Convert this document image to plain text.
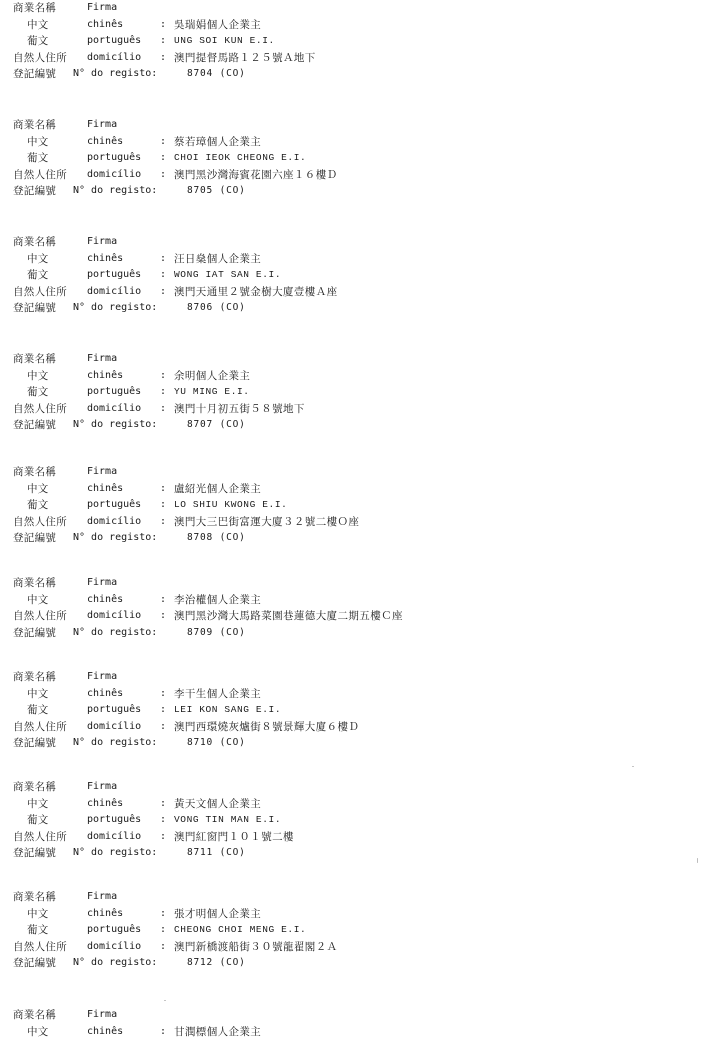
商業名稱	Firma
中文	chinês	: 吳瑞娟個人企業主
葡文	português : UNG SOI KUN E.I.
自然人住所 domicílio : 澳門提督馬路１２５號Ａ地下
登記編號 N° do registo:	8704 (CO)
商業名稱	Firma
中文	chinês	: 蔡若璋個人企業主
葡文	português : CHOI IEOK CHEONG E.I.
自然人住所 domicílio : 澳門黑沙灣海賓花園六座１６樓Ｄ
登記編號 N° do registo:	8705 (CO)
商業名稱	Firma
中文	chinês	: 汪日燊個人企業主
葡文	português : WONG IAT SAN E.I.
自然人住所 domicílio : 澳門天通里２號金樹大廈壹樓Ａ座
登記編號 N° do registo:	8706 (CO)
商業名稱	Firma
中文	chinês	: 余明個人企業主
葡文	português : YU MING E.I.
自然人住所 domicílio : 澳門十月初五街５８號地下
登記編號 N° do registo:	8707 (CO)
商業名稱	Firma
中文	chinês	: 盧紹光個人企業主
葡文	português : LO SHIU KWONG E.I.
自然人住所 domicílio : 澳門大三巴街富運大廈３２號二樓Ｏ座
登記編號 N° do registo:	8708 (CO)
商業名稱	Firma
中文	chinês	: 李治權個人企業主
自然人住所 domicílio : 澳門黑沙灣大馬路菜園巷蓮德大廈二期五樓Ｃ座
登記編號 N° do registo:	8709 (CO)
商業名稱	Firma
中文	chinês	: 李干生個人企業主
葡文	português : LEI KON SANG E.I.
自然人住所 domicílio : 澳門西環燒灰爐街８號景輝大廈６樓Ｄ
登記編號 N° do registo:	8710 (CO)
商業名稱	Firma
中文	chinês	: 黃天文個人企業主
葡文	português : VONG TIN MAN E.I.
自然人住所 domicílio : 澳門紅窗門１０１號二樓
登記編號 N° do registo:	8711 (CO)
商業名稱	Firma
中文	chinês	: 張才明個人企業主
葡文	português : CHEONG CHOI MENG E.I.
自然人住所 domicílio : 澳門新橋渡船街３０號龍翟閣２Ａ
登記編號 N° do registo:	8712 (CO)
商業名稱	Firma
中文	chinês	: 甘潤標個人企業主
